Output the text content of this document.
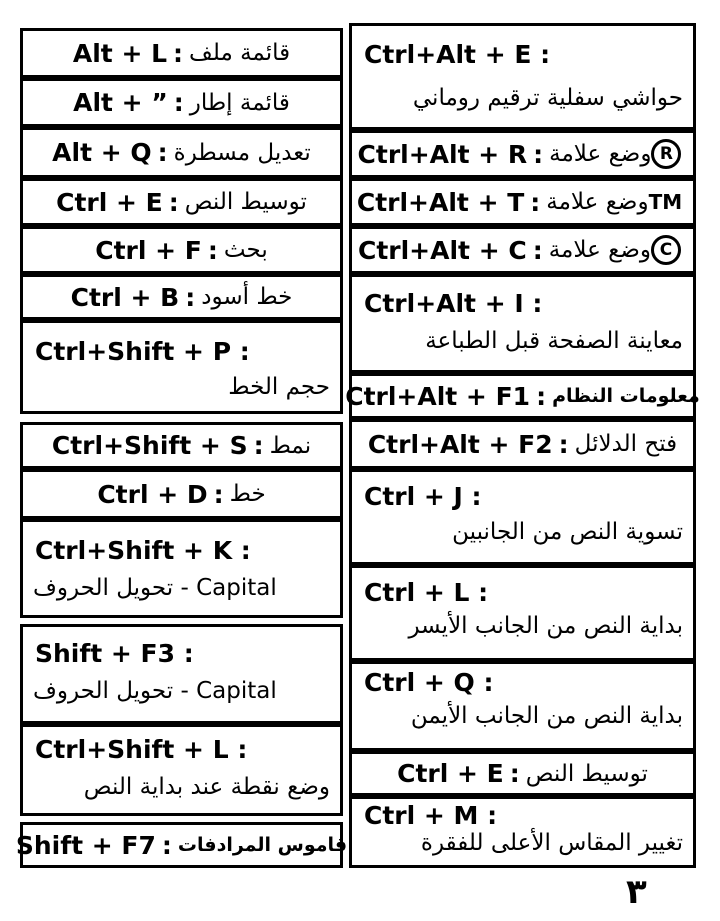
Alt + L : قائمة ملف
Alt + ” : قائمة إطار
Alt + Q : تعديل مسطرة
Ctrl + E : توسيط النص
Ctrl + F : بحث
Ctrl + B : خط أسود
Ctrl+Shift + P :
حجم الخط
Ctrl+Shift + S : نمط
Ctrl + D : خط
Ctrl+Shift + K :
Capital - تحويل الحروف
Shift + F3 :
Capital - تحويل الحروف
Ctrl+Shift + L :
وضع نقطة عند بداية النص
Shift + F7 : قاموس المرادفات
Ctrl+Alt + E :
حواشي سفلية ترقيم روماني
Ctrl+Alt + R : وضع علامة R
Ctrl+Alt + T : وضع علامة TM
Ctrl+Alt + C : وضع علامة C
Ctrl+Alt + I :
معاينة الصفحة قبل الطباعة
Ctrl+Alt + F1 : معلومات النظام
Ctrl+Alt + F2 : فتح الدلائل
Ctrl + J :
تسوية النص من الجانبين
Ctrl + L :
بداية النص من الجانب الأيسر
Ctrl + Q :
بداية النص من الجانب الأيمن
Ctrl + E : توسيط النص
Ctrl + M :
تغيير المقاس الأعلى للفقرة
٣
